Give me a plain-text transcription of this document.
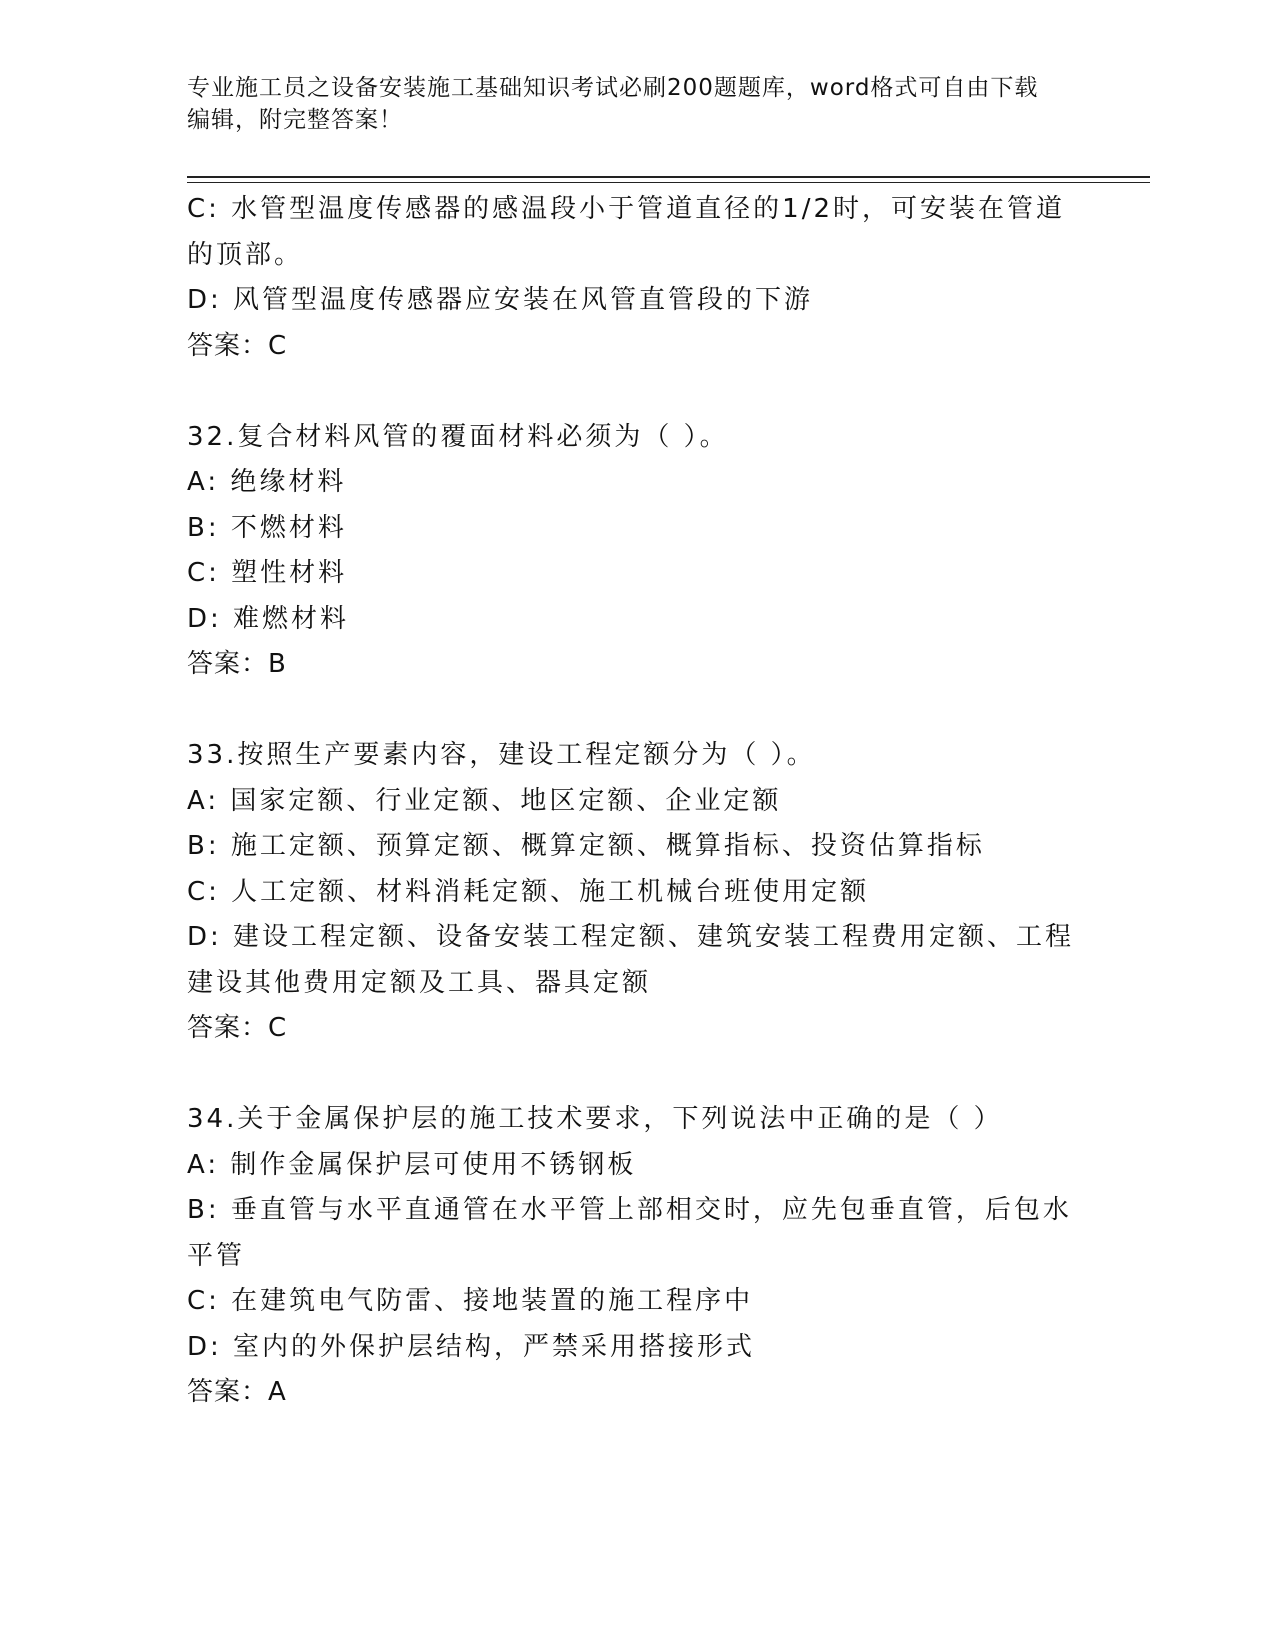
专业施工员之设备安装施工基础知识考试必刷200题题库，word格式可自由下载
编辑，附完整答案！
C: 水管型温度传感器的感温段小于管道直径的1/2时，可安装在管道
的顶部。
D: 风管型温度传感器应安装在风管直管段的下游
答案：C
32.复合材料风管的覆面材料必须为（ ）。
A: 绝缘材料
B: 不燃材料
C: 塑性材料
D: 难燃材料
答案：B
33.按照生产要素内容，建设工程定额分为（ ）。
A: 国家定额、行业定额、地区定额、企业定额
B: 施工定额、预算定额、概算定额、概算指标、投资估算指标
C: 人工定额、材料消耗定额、施工机械台班使用定额
D: 建设工程定额、设备安装工程定额、建筑安装工程费用定额、工程
建设其他费用定额及工具、器具定额
答案：C
34.关于金属保护层的施工技术要求，下列说法中正确的是（ ）
A: 制作金属保护层可使用不锈钢板
B: 垂直管与水平直通管在水平管上部相交时，应先包垂直管，后包水
平管
C: 在建筑电气防雷、接地装置的施工程序中
D: 室内的外保护层结构，严禁采用搭接形式
答案：A
